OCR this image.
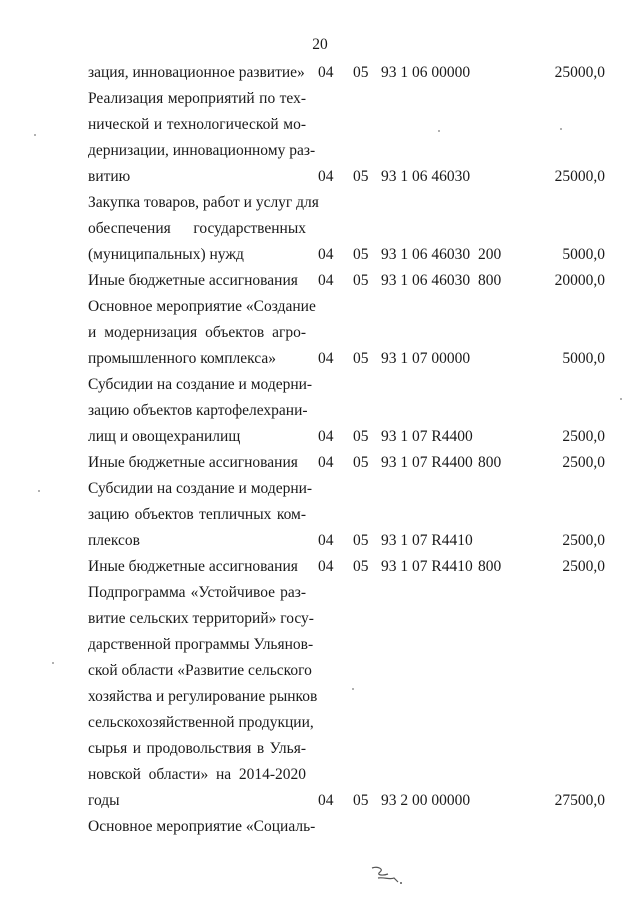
20
зация, инновационное развитие» 04 05 93 1 06 00000	25000,0
Реализация мероприятий по тех-
нической и технологической мо-
дернизации, инновационному раз-
витию	04 05 93 1 06 46030	25000,0
Закупка товаров, работ и услуг для
обеспечения государственных
(муниципальных) нужд	04 05 93 1 06 46030 200	5000,0
Иные бюджетные ассигнования	04 05 93 1 06 46030 800	20000,0
Основное мероприятие «Создание
и модернизация объектов агро-
промышленного комплекса»	04 05 93 1 07 00000	5000,0
Субсидии на создание и модерни-
зацию объектов картофелехрани-
лищ и овощехранилищ	04 05 93 1 07 R4400	2500,0
Иные бюджетные ассигнования	04 05 93 1 07 R4400 800	2500,0
Субсидии на создание и модерни-
зацию объектов тепличных ком-
плексов	04 05 93 1 07 R4410	2500,0
Иные бюджетные ассигнования	04 05 93 1 07 R4410 800	2500,0
Подпрограмма «Устойчивое раз-
витие сельских территорий» госу-
дарственной программы Ульянов-
ской области «Развитие сельского
хозяйства и регулирование рынков
сельскохозяйственной продукции,
сырья и продовольствия в Улья-
новской области» на 2014-2020
годы	04 05 93 2 00 00000	27500,0
Основное мероприятие «Социаль-
